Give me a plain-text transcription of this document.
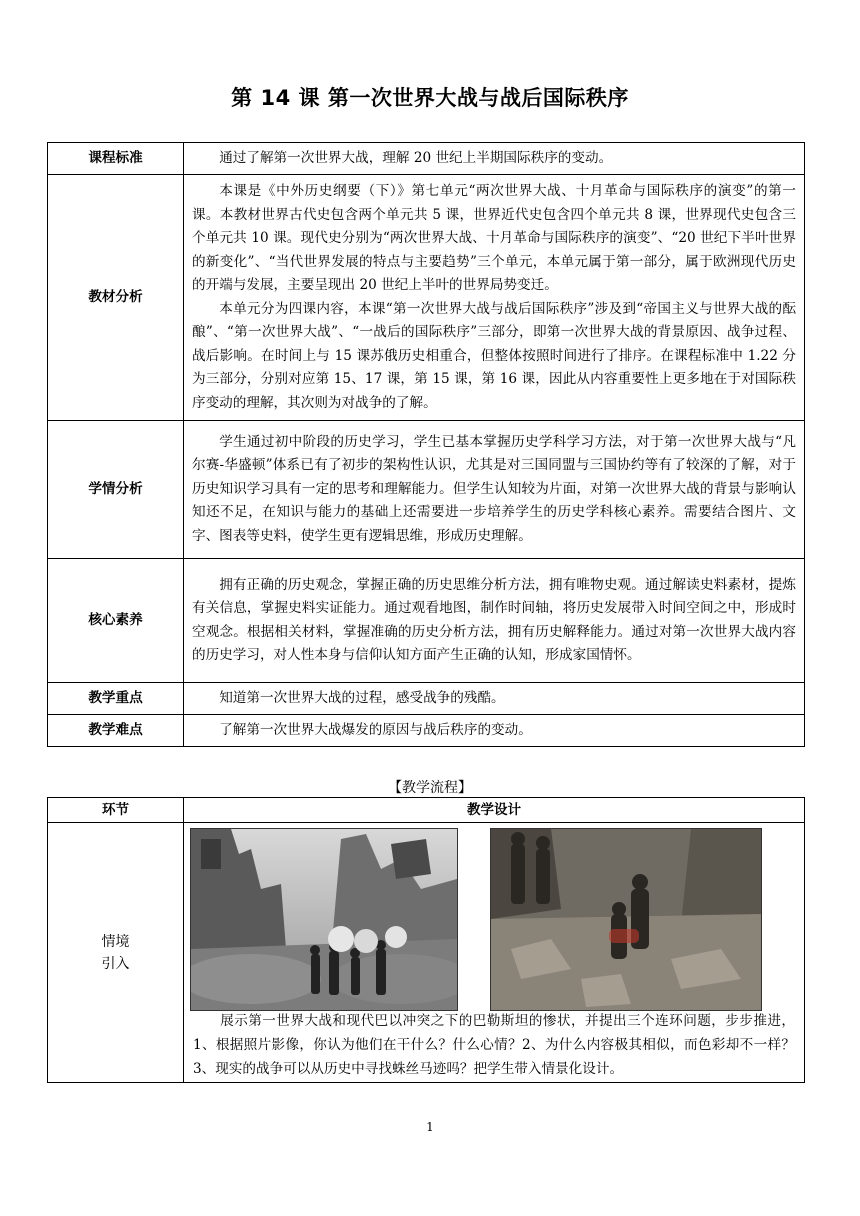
第 14 课 第一次世界大战与战后国际秩序
课程标准	通过了解第一次世界大战，理解 20 世纪上半期国际秩序的变动。

教材分析	本课是《中外历史纲要（下）》第七单元“两次世界大战、十月革命与国际秩序的演变”的第一课。本教材世界古代史包含两个单元共 5 课，世界近代史包含四个单元共 8 课，世界现代史包含三个单元共 10 课。现代史分别为“两次世界大战、十月革命与国际秩序的演变”、“20 世纪下半叶世界的新变化”、“当代世界发展的特点与主要趋势”三个单元，本单元属于第一部分，属于欧洲现代历史的开端与发展，主要呈现出 20 世纪上半叶的世界局势变迁。

本单元分为四课内容，本课“第一次世界大战与战后国际秩序”涉及到“帝国主义与世界大战的酝酿”、“第一次世界大战”、“一战后的国际秩序”三部分，即第一次世界大战的背景原因、战争过程、战后影响。在时间上与 15 课苏俄历史相重合，但整体按照时间进行了排序。在课程标准中 1.22 分为三部分，分别对应第 15、17 课，第 15 课，第 16 课，因此从内容重要性上更多地在于对国际秩序变动的理解，其次则为对战争的了解。

学情分析	学生通过初中阶段的历史学习，学生已基本掌握历史学科学习方法，对于第一次世界大战与“凡尔赛-华盛顿”体系已有了初步的架构性认识，尤其是对三国同盟与三国协约等有了较深的了解，对于历史知识学习具有一定的思考和理解能力。但学生认知较为片面，对第一次世界大战的背景与影响认知还不足，在知识与能力的基础上还需要进一步培养学生的历史学科核心素养。需要结合图片、文字、图表等史料，使学生更有逻辑思维，形成历史理解。

核心素养	拥有正确的历史观念，掌握正确的历史思维分析方法，拥有唯物史观。通过解读史料素材，提炼有关信息，掌握史料实证能力。通过观看地图，制作时间轴，将历史发展带入时间空间之中，形成时空观念。根据相关材料，掌握准确的历史分析方法，拥有历史解释能力。通过对第一次世界大战内容的历史学习，对人性本身与信仰认知方面产生正确的认知，形成家国情怀。

教学重点	知道第一次世界大战的过程，感受战争的残酷。

教学难点	了解第一次世界大战爆发的原因与战后秩序的变动。

【教学流程】
环节	教学设计

情境
引入	展示第一世界大战和现代巴以冲突之下的巴勒斯坦的惨状，并提出三个连环问题，步步推进，1、根据照片影像，你认为他们在干什么？什么心情？2、为什么内容极其相似，而色彩却不一样？3、现实的战争可以从历史中寻找蛛丝马迹吗？把学生带入情景化设计。
1
